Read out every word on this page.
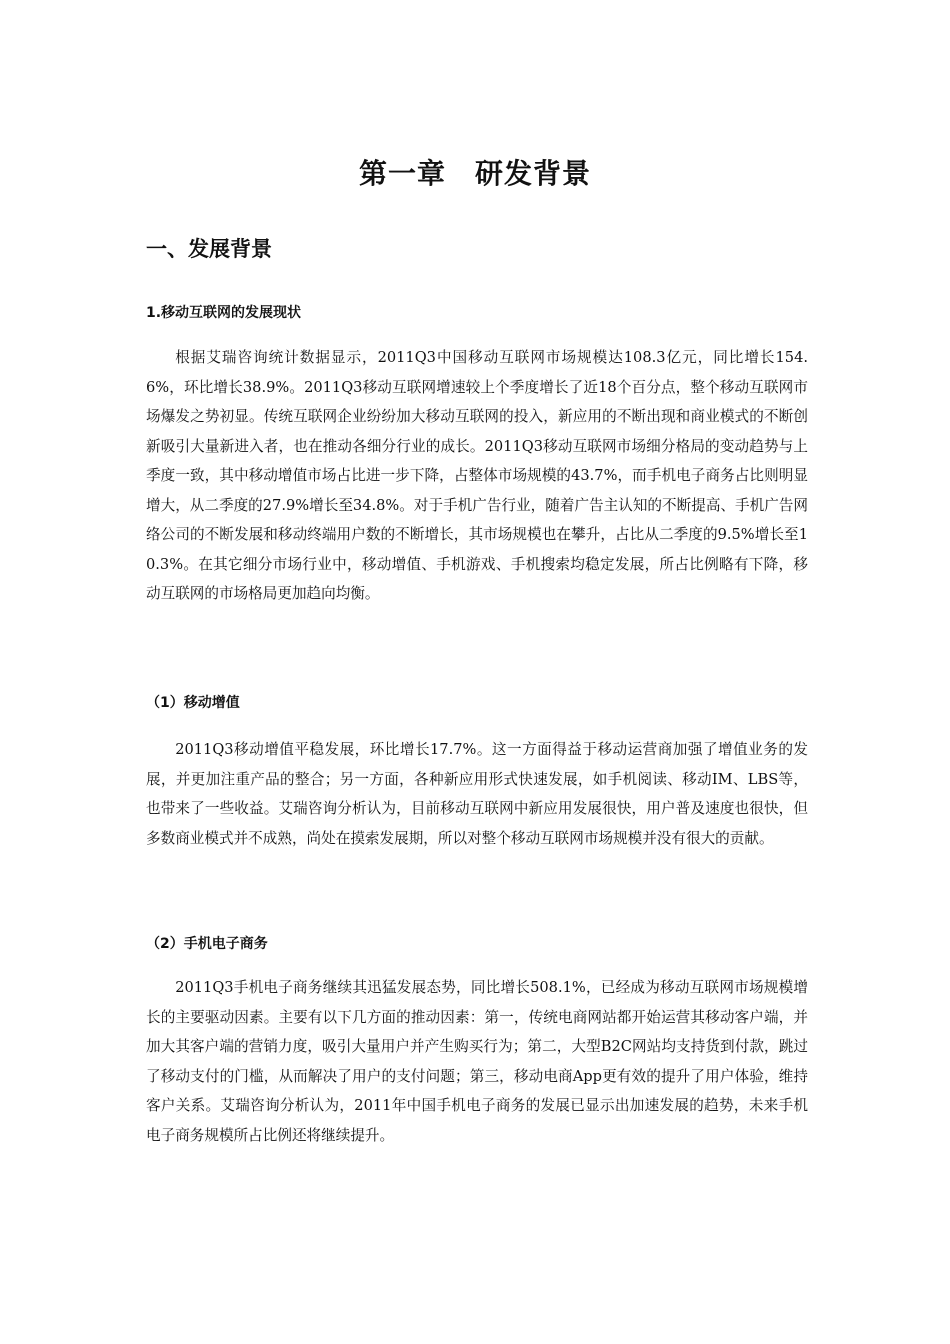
第一章　研发背景
一、发展背景
1.移动互联网的发展现状

根据艾瑞咨询统计数据显示，2011Q3中国移动互联网市场规模达108.3亿元，同比增长154.6%，环比增长38.9%。2011Q3移动互联网增速较上个季度增长了近18个百分点，整个移动互联网市场爆发之势初显。传统互联网企业纷纷加大移动互联网的投入，新应用的不断出现和商业模式的不断创新吸引大量新进入者，也在推动各细分行业的成长。2011Q3移动互联网市场细分格局的变动趋势与上季度一致，其中移动增值市场占比进一步下降，占整体市场规模的43.7%，而手机电子商务占比则明显增大，从二季度的27.9%增长至34.8%。对于手机广告行业，随着广告主认知的不断提高、手机广告网络公司的不断发展和移动终端用户数的不断增长，其市场规模也在攀升，占比从二季度的9.5%增长至10.3%。在其它细分市场行业中，移动增值、手机游戏、手机搜索均稳定发展，所占比例略有下降，移动互联网的市场格局更加趋向均衡。

（1）移动增值

2011Q3移动增值平稳发展，环比增长17.7%。这一方面得益于移动运营商加强了增值业务的发展，并更加注重产品的整合；另一方面，各种新应用形式快速发展，如手机阅读、移动IM、LBS等，也带来了一些收益。艾瑞咨询分析认为，目前移动互联网中新应用发展很快，用户普及速度也很快，但多数商业模式并不成熟，尚处在摸索发展期，所以对整个移动互联网市场规模并没有很大的贡献。

（2）手机电子商务

2011Q3手机电子商务继续其迅猛发展态势，同比增长508.1%，已经成为移动互联网市场规模增长的主要驱动因素。主要有以下几方面的推动因素：第一，传统电商网站都开始运营其移动客户端，并加大其客户端的营销力度，吸引大量用户并产生购买行为；第二，大型B2C网站均支持货到付款，跳过了移动支付的门槛，从而解决了用户的支付问题；第三，移动电商App更有效的提升了用户体验，维持客户关系。艾瑞咨询分析认为，2011年中国手机电子商务的发展已显示出加速发展的趋势，未来手机电子商务规模所占比例还将继续提升。
